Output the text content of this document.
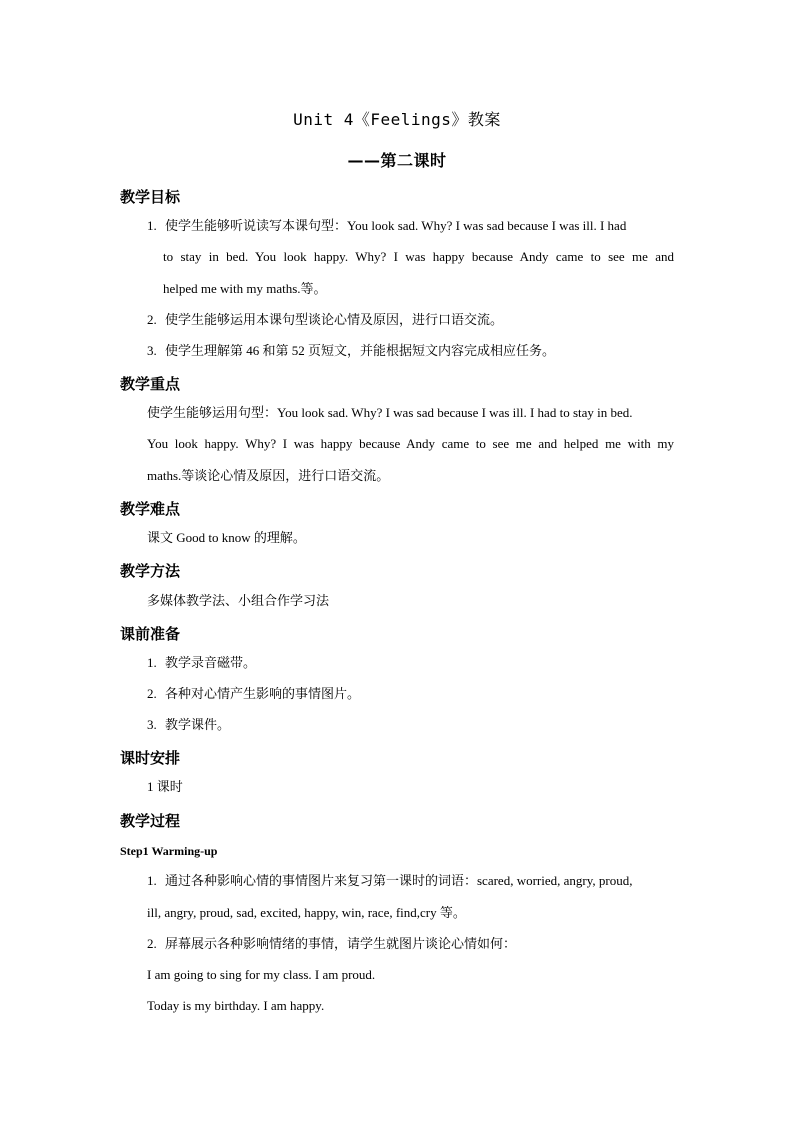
Unit 4《Feelings》教案
——第二课时
教学目标
1. 使学生能够听说读写本课句型：You look sad. Why? I was sad because I was ill. I had
to stay in bed. You look happy. Why? I was happy because Andy came to see me and
helped me with my maths.等。
2. 使学生能够运用本课句型谈论心情及原因，进行口语交流。
3. 使学生理解第 46 和第 52 页短文，并能根据短文内容完成相应任务。
教学重点
使学生能够运用句型：You look sad. Why? I was sad because I was ill. I had to stay in bed.
You look happy. Why? I was happy because Andy came to see me and helped me with my
maths.等谈论心情及原因，进行口语交流。
教学难点
课文 Good to know 的理解。
教学方法
多媒体教学法、小组合作学习法
课前准备
1. 教学录音磁带。
2. 各种对心情产生影响的事情图片。
3. 教学课件。
课时安排
1 课时
教学过程
Step1 Warming-up
1. 通过各种影响心情的事情图片来复习第一课时的词语：scared, worried, angry, proud,
ill, angry, proud, sad, excited, happy, win, race, find,cry 等。
2. 屏幕展示各种影响情绪的事情，请学生就图片谈论心情如何：
I am going to sing for my class. I am proud.
Today is my birthday. I am happy.
